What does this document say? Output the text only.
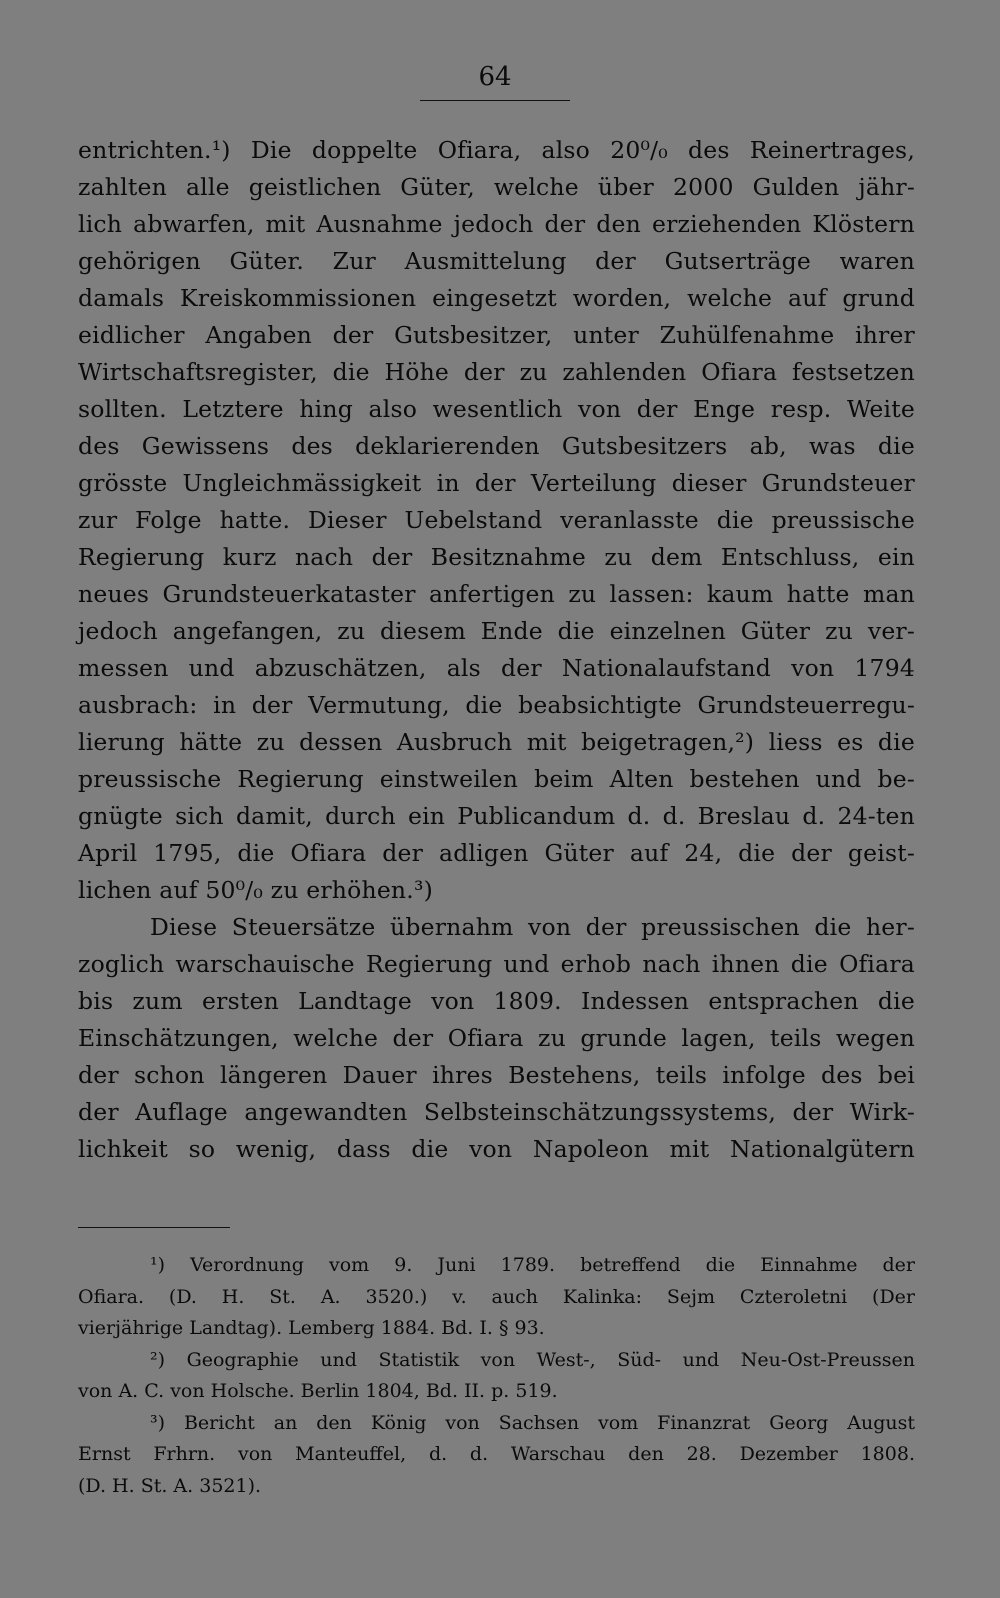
64
entrichten.¹) Die doppelte Ofiara, also 20⁰/₀ des Reinertrages,
zahlten alle geistlichen Güter, welche über 2000 Gulden jähr-
lich abwarfen, mit Ausnahme jedoch der den erziehenden Klöstern
gehörigen Güter. Zur Ausmittelung der Gutserträge waren
damals Kreiskommissionen eingesetzt worden, welche auf grund
eidlicher Angaben der Gutsbesitzer, unter Zuhülfenahme ihrer
Wirtschaftsregister, die Höhe der zu zahlenden Ofiara festsetzen
sollten. Letztere hing also wesentlich von der Enge resp. Weite
des Gewissens des deklarierenden Gutsbesitzers ab, was die
grösste Ungleichmässigkeit in der Verteilung dieser Grundsteuer
zur Folge hatte. Dieser Uebelstand veranlasste die preussische
Regierung kurz nach der Besitznahme zu dem Entschluss, ein
neues Grundsteuerkataster anfertigen zu lassen: kaum hatte man
jedoch angefangen, zu diesem Ende die einzelnen Güter zu ver-
messen und abzuschätzen, als der Nationalaufstand von 1794
ausbrach: in der Vermutung, die beabsichtigte Grundsteuerregu-
lierung hätte zu dessen Ausbruch mit beigetragen,²) liess es die
preussische Regierung einstweilen beim Alten bestehen und be-
gnügte sich damit, durch ein Publicandum d. d. Breslau d. 24-ten
April 1795, die Ofiara der adligen Güter auf 24, die der geist-
lichen auf 50⁰/₀ zu erhöhen.³)
Diese Steuersätze übernahm von der preussischen die her-
zoglich warschauische Regierung und erhob nach ihnen die Ofiara
bis zum ersten Landtage von 1809. Indessen entsprachen die
Einschätzungen, welche der Ofiara zu grunde lagen, teils wegen
der schon längeren Dauer ihres Bestehens, teils infolge des bei
der Auflage angewandten Selbsteinschätzungssystems, der Wirk-
lichkeit so wenig, dass die von Napoleon mit Nationalgütern
¹) Verordnung vom 9. Juni 1789. betreffend die Einnahme der
Ofiara. (D. H. St. A. 3520.) v. auch Kalinka: Sejm Czteroletni (Der
vierjährige Landtag). Lemberg 1884. Bd. I. § 93.
²) Geographie und Statistik von West-, Süd- und Neu-Ost-Preussen
von A. C. von Holsche. Berlin 1804, Bd. II. p. 519.
³) Bericht an den König von Sachsen vom Finanzrat Georg August
Ernst Frhrn. von Manteuffel, d. d. Warschau den 28. Dezember 1808.
(D. H. St. A. 3521).
